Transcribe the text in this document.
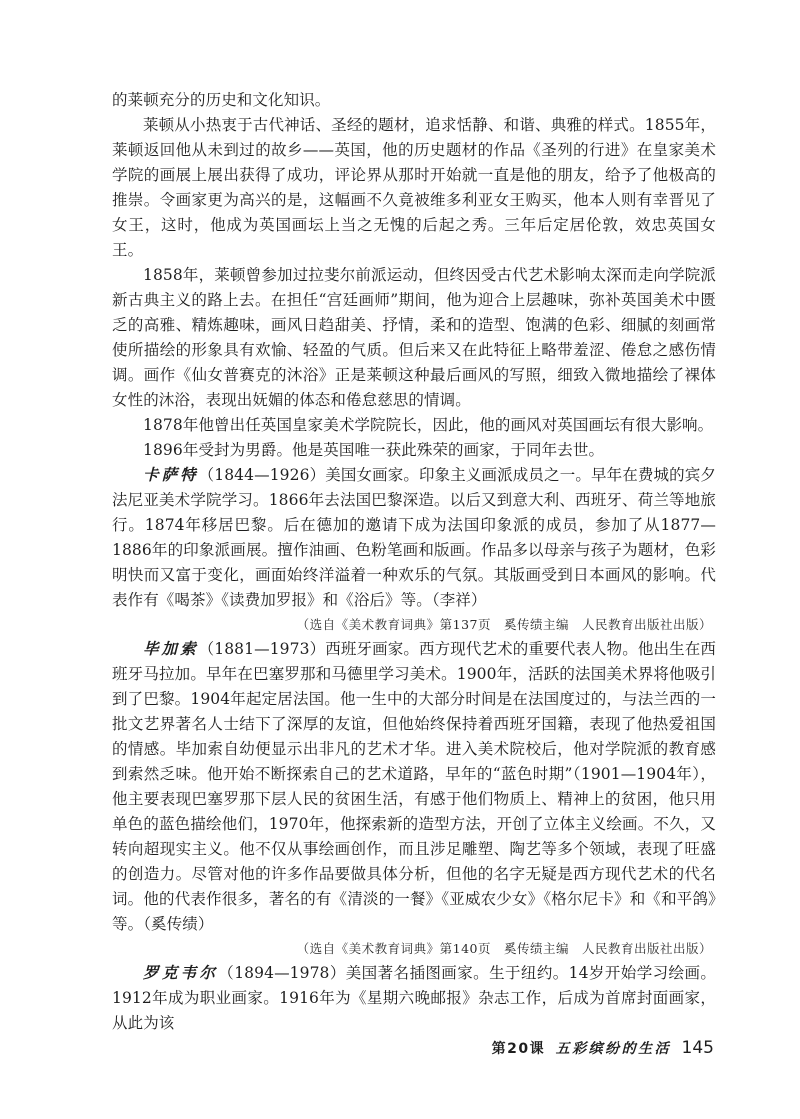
的莱顿充分的历史和文化知识。

莱顿从小热衷于古代神话、圣经的题材，追求恬静、和谐、典雅的样式。1855年，莱顿返回他从未到过的故乡——英国，他的历史题材的作品《圣列的行进》在皇家美术学院的画展上展出获得了成功，评论界从那时开始就一直是他的朋友，给予了他极高的推崇。令画家更为高兴的是，这幅画不久竟被维多利亚女王购买，他本人则有幸晋见了女王，这时，他成为英国画坛上当之无愧的后起之秀。三年后定居伦敦，效忠英国女王。

1858年，莱顿曾参加过拉斐尔前派运动，但终因受古代艺术影响太深而走向学院派新古典主义的路上去。在担任“宫廷画师”期间，他为迎合上层趣味，弥补英国美术中匮乏的高雅、精炼趣味，画风日趋甜美、抒情，柔和的造型、饱满的色彩、细腻的刻画常使所描绘的形象具有欢愉、轻盈的气质。但后来又在此特征上略带羞涩、倦怠之感伤情调。画作《仙女普赛克的沐浴》正是莱顿这种最后画风的写照，细致入微地描绘了裸体女性的沐浴，表现出妩媚的体态和倦怠慈思的情调。

1878年他曾出任英国皇家美术学院院长，因此，他的画风对英国画坛有很大影响。

1896年受封为男爵。他是英国唯一获此殊荣的画家，于同年去世。

卡萨特（1844—1926）美国女画家。印象主义画派成员之一。早年在费城的宾夕法尼亚美术学院学习。1866年去法国巴黎深造。以后又到意大利、西班牙、荷兰等地旅行。1874年移居巴黎。后在德加的邀请下成为法国印象派的成员，参加了从1877—1886年的印象派画展。擅作油画、色粉笔画和版画。作品多以母亲与孩子为题材，色彩明快而又富于变化，画面始终洋溢着一种欢乐的气氛。其版画受到日本画风的影响。代表作有《喝茶》《读费加罗报》和《浴后》等。（李祥）

（选自《美术教育词典》第137页　奚传绩主编　人民教育出版社出版）

毕加索（1881—1973）西班牙画家。西方现代艺术的重要代表人物。他出生在西班牙马拉加。早年在巴塞罗那和马德里学习美术。1900年，活跃的法国美术界将他吸引到了巴黎。1904年起定居法国。他一生中的大部分时间是在法国度过的，与法兰西的一批文艺界著名人士结下了深厚的友谊，但他始终保持着西班牙国籍，表现了他热爱祖国的情感。毕加索自幼便显示出非凡的艺术才华。进入美术院校后，他对学院派的教育感到索然乏味。他开始不断探索自己的艺术道路，早年的“蓝色时期”（1901—1904年），他主要表现巴塞罗那下层人民的贫困生活，有感于他们物质上、精神上的贫困，他只用单色的蓝色描绘他们，1970年，他探索新的造型方法，开创了立体主义绘画。不久，又转向超现实主义。他不仅从事绘画创作，而且涉足雕塑、陶艺等多个领域，表现了旺盛的创造力。尽管对他的许多作品要做具体分析，但他的名字无疑是西方现代艺术的代名词。他的代表作很多，著名的有《清淡的一餐》《亚威农少女》《格尔尼卡》和《和平鸽》等。（奚传绩）

（选自《美术教育词典》第140页　奚传绩主编　人民教育出版社出版）

罗克韦尔（1894—1978）美国著名插图画家。生于纽约。14岁开始学习绘画。1912年成为职业画家。1916年为《星期六晚邮报》杂志工作，后成为首席封面画家，从此为该

第20课 五彩缤纷的生活 145
